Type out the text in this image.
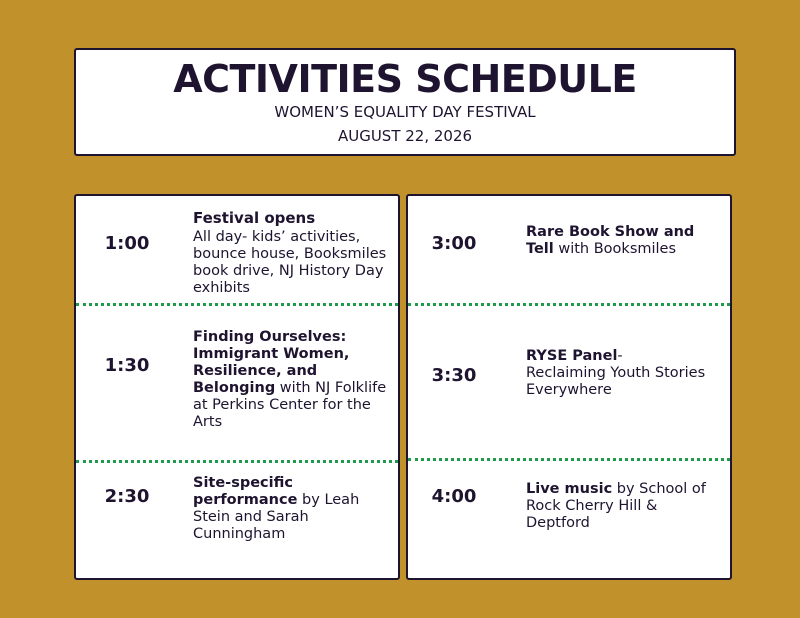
ACTIVITIES SCHEDULE
WOMEN’S EQUALITY DAY FESTIVAL
AUGUST 22, 2026
1:00
Festival opens
All day- kids’ activities, bounce house, Booksmiles book drive, NJ History Day exhibits
1:30
Finding Ourselves: Immigrant Women, Resilience, and Belonging with NJ Folklife at Perkins Center for the Arts
2:30
Site-specific performance by Leah Stein and Sarah Cunningham
3:00
Rare Book Show and Tell with Booksmiles
3:30
RYSE Panel- Reclaiming Youth Stories Everywhere
4:00	Live music by School of Rock Cherry Hill & Deptford
